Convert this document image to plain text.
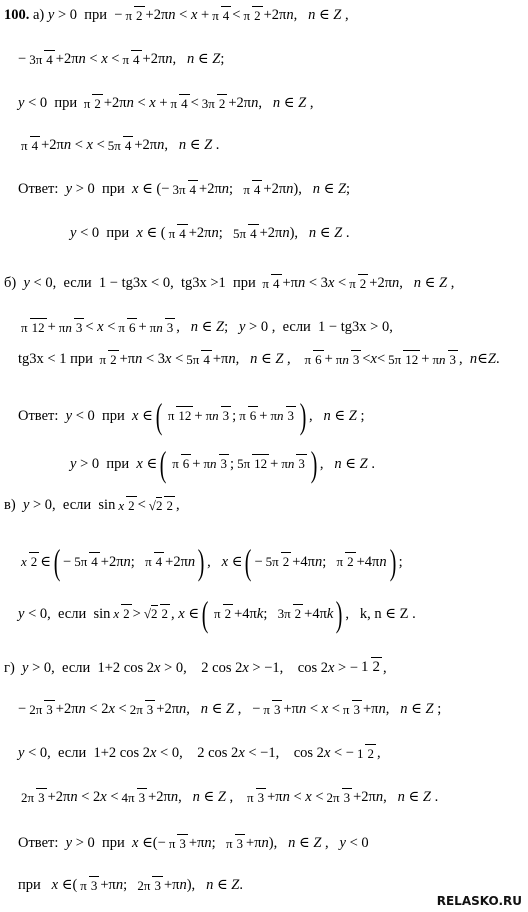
100. а) y > 0  при  − π 2 +2πn < x +π 4<π 2 +2πn,   n ∈ Z ,
− 3π 4 +2πn < x <π 4 +2πn,   n ∈ Z;
y < 0  при π 2 +2πn < x +π 4<3π 2 +2πn,   n ∈ Z ,
π 4 +2πn < x <5π 4 +2πn,   n ∈ Z .
Ответ: y > 0  при  x ∈ (− 3π 4 +2πn;  π 4 +2πn),   n ∈ Z;
y < 0  при  x ∈ ( π 4 +2πn;  5π 4 +2πn),   n ∈ Z .
б) y < 0,  если  1 − tg3x < 0,  tg3x >1  при π 4 +πn < 3x <π 2 +2πn,   n ∈ Z ,
π 12 + πn 3< x <π 6 + πn 3 ,   n ∈ Z;   y > 0 ,  если  1 − tg3x > 0,
tg3x < 1 при π 2 +πn < 3x <5π 4 +πn,   n ∈ Z ,   π 6 + πn 3 <x< 5π 12 + πn 3 ,  n∈Z.
Ответ: y < 0  при  x ∈( π 12 + πn 3 ;π 6 + πn 3 ) ,   n ∈ Z ;
y > 0  при  x ∈( π 6 + πn 3 ;5π 12 + πn 3 ) ,   n ∈ Z .
в) y > 0,  если  sin x 2 < √2 2,
x 2 ∈( − 5π 4 +2πn;  π 4 +2πn) ,   x ∈( − 5π 2 +4πn;  π 2 +4πn) ;
y < 0,  если  sin x 2 > √2 2 , x ∈( π 2 +4πk;  3π 2 +4πk) ,   k, n ∈ Z .
г) y > 0,  если  1+2 cos 2x > 0,    2 cos 2x > −1,    cos 2x > − 1 2 ,
− 2π 3 +2πn < 2x <2π 3 +2πn,   n ∈ Z ,   − π 3 +πn < x <π 3 +πn,   n ∈ Z ;
y < 0,  если  1+2 cos 2x < 0,    2 cos 2x < −1,    cos 2x < − 1 2 ,
2π 3 +2πn < 2x <4π 3 +2πn,   n ∈ Z ,   π 3 +πn < x <2π 3 +2πn,   n ∈ Z .
Ответ: y > 0  при  x ∈(− π 3 +πn;  π 3 +πn),   n ∈ Z ,   y < 0
при x ∈( π 3 +πn;  2π 3 +πn),   n ∈ Z.
RELASKO.RU
